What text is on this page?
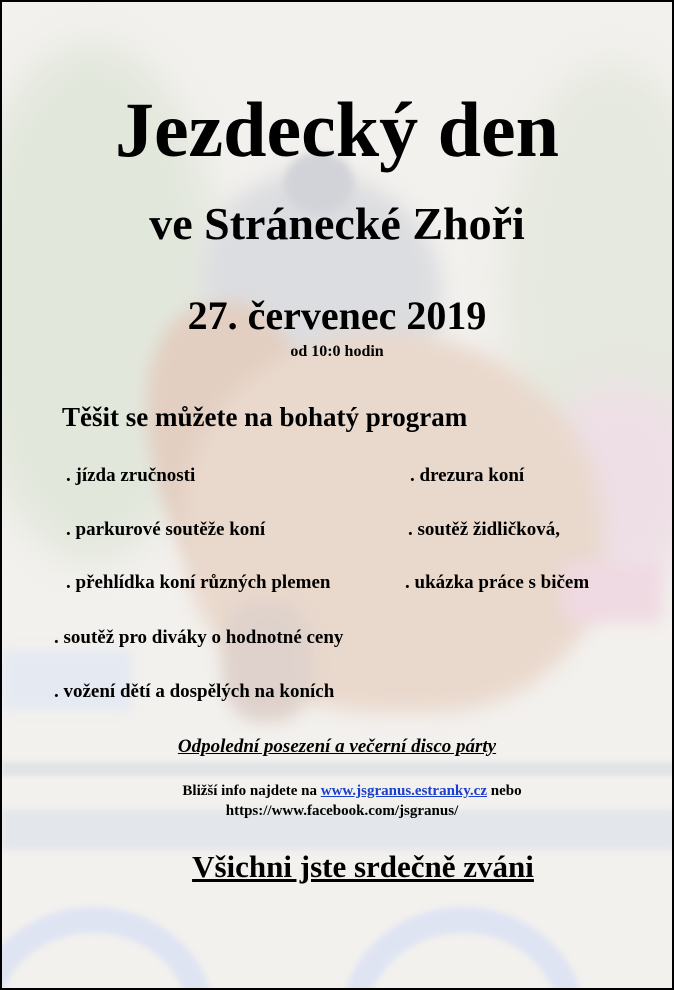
Jezdecký den
ve Stránecké Zhoři
27. červenec 2019
od 10:0 hodin
Těšit se můžete na bohatý program
. jízda zručnosti	. drezura koní
. parkurové soutěže koní	. soutěž židličková,
. přehlídka koní různých plemen	. ukázka práce s bičem
. soutěž pro diváky o hodnotné ceny
. vožení dětí a dospělých na koních
Odpolední posezení a večerní disco párty
Bližší info najdete na www.jsgranus.estranky.cz nebo
https://www.facebook.com/jsgranus/
Všichni jste srdečně zváni
